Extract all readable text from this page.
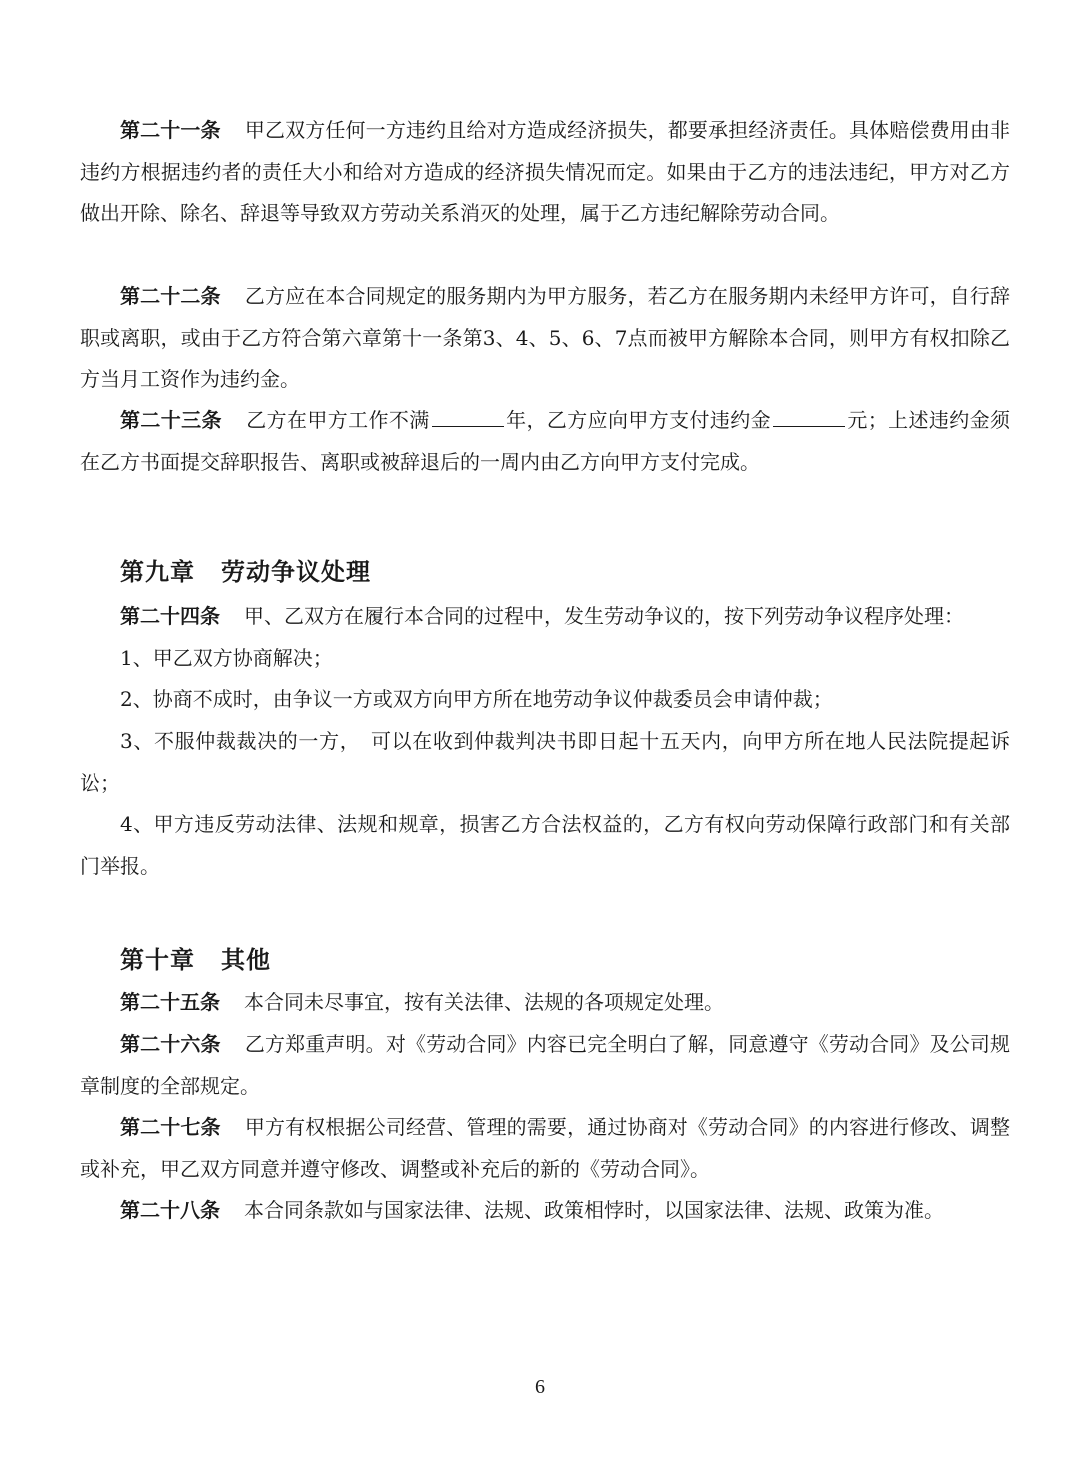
第二十一条 甲乙双方任何一方违约且给对方造成经济损失，都要承担经济责任。具体赔偿费用由非违约方根据违约者的责任大小和给对方造成的经济损失情况而定。如果由于乙方的违法违纪，甲方对乙方做出开除、除名、辞退等导致双方劳动关系消灭的处理，属于乙方违纪解除劳动合同。

第二十二条 乙方应在本合同规定的服务期内为甲方服务，若乙方在服务期内未经甲方许可，自行辞职或离职，或由于乙方符合第六章第十一条第3、4、5、6、7点而被甲方解除本合同，则甲方有权扣除乙方当月工资作为违约金。

第二十三条 乙方在甲方工作不满	年，乙方应向甲方支付违约金	元；上述违约金须在乙方书面提交辞职报告、离职或被辞退后的一周内由乙方向甲方支付完成。

第九章 劳动争议处理

第二十四条 甲、乙双方在履行本合同的过程中，发生劳动争议的，按下列劳动争议程序处理：

1、甲乙双方协商解决；

2、协商不成时，由争议一方或双方向甲方所在地劳动争议仲裁委员会申请仲裁；

3、不服仲裁裁决的一方，　可以在收到仲裁判决书即日起十五天内，向甲方所在地人民法院提起诉讼；

4、甲方违反劳动法律、法规和规章，损害乙方合法权益的，乙方有权向劳动保障行政部门和有关部门举报。

第十章 其他

第二十五条 本合同未尽事宜，按有关法律、法规的各项规定处理。

第二十六条 乙方郑重声明。对《劳动合同》内容已完全明白了解，同意遵守《劳动合同》及公司规章制度的全部规定。

第二十七条 甲方有权根据公司经营、管理的需要，通过协商对《劳动合同》的内容进行修改、调整或补充，甲乙双方同意并遵守修改、调整或补充后的新的《劳动合同》。

第二十八条 本合同条款如与国家法律、法规、政策相悖时，以国家法律、法规、政策为准。

6
